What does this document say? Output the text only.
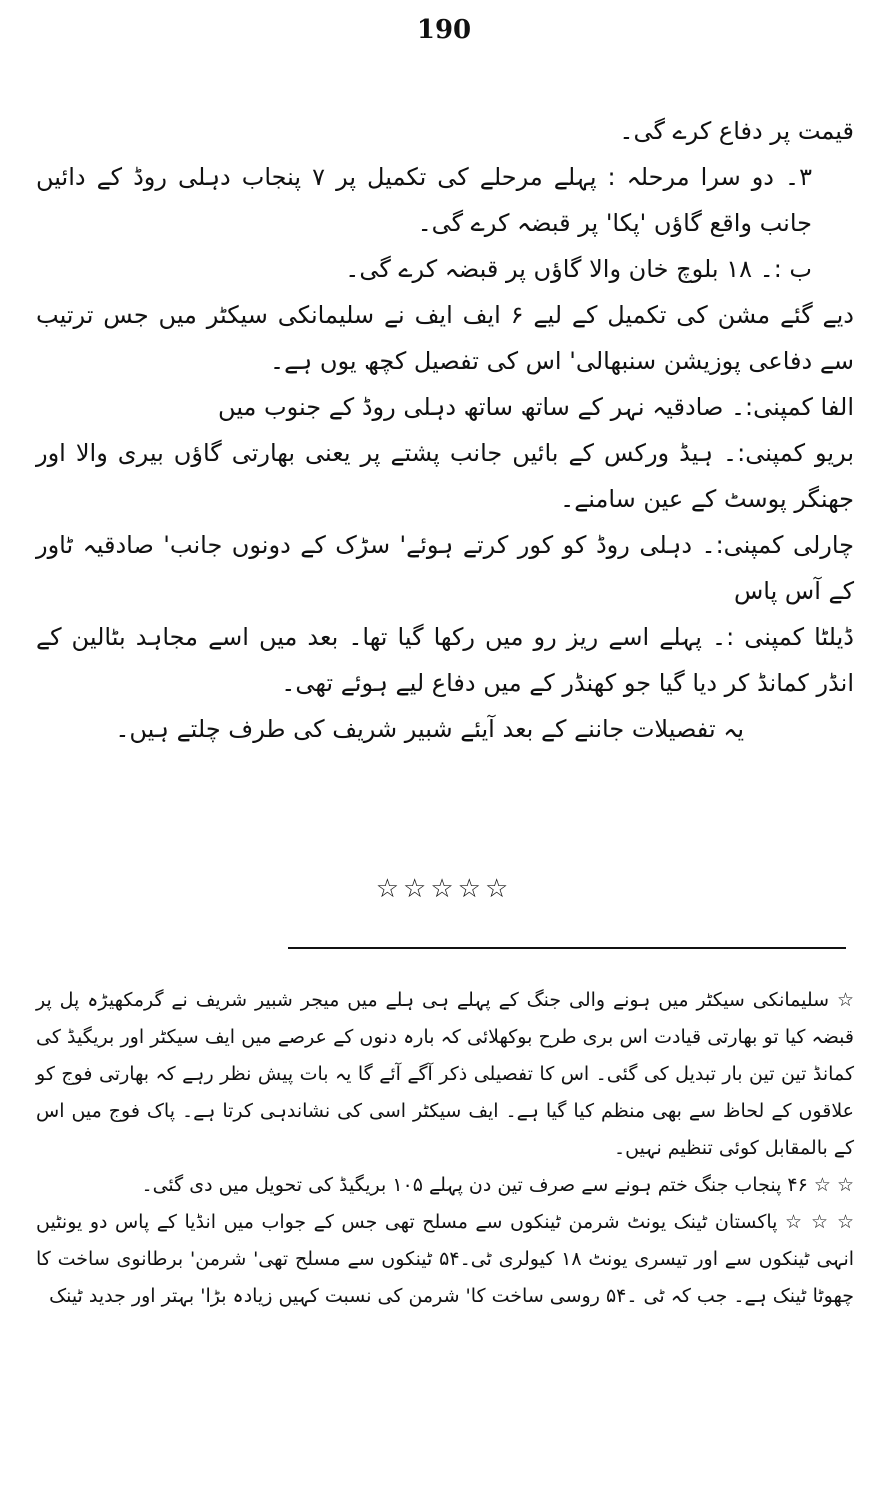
190

قیمت پر دفاع کرے گی۔

۳۔ دو سرا مرحلہ : پہلے مرحلے کی تکمیل پر ۷ پنجاب دہلی روڈ کے دائیں جانب واقع گاؤں 'پکا' پر قبضہ کرے گی۔

ب :۔ ۱۸ بلوچ خان والا گاؤں پر قبضہ کرے گی۔

دیے گئے مشن کی تکمیل کے لیے ۶ ایف ایف نے سلیمانکی سیکٹر میں جس ترتیب سے دفاعی پوزیشن سنبھالی' اس کی تفصیل کچھ یوں ہے۔

الفا کمپنی:۔ صادقیہ نہر کے ساتھ ساتھ دہلی روڈ کے جنوب میں

بریو کمپنی:۔ ہیڈ ورکس کے بائیں جانب پشتے پر یعنی بھارتی گاؤں بیری والا اور جھنگر پوسٹ کے عین سامنے۔

چارلی کمپنی:۔ دہلی روڈ کو کور کرتے ہوئے' سڑک کے دونوں جانب' صادقیہ ٹاور کے آس پاس

ڈیلٹا کمپنی :۔ پہلے اسے ریز رو میں رکھا گیا تھا۔ بعد میں اسے مجاہد بٹالین کے انڈر کمانڈ کر دیا گیا جو کھنڈر کے میں دفاع لیے ہوئے تھی۔

یہ تفصیلات جاننے کے بعد آیئے شبیر شریف کی طرف چلتے ہیں۔

☆☆☆☆☆

☆ سلیمانکی سیکٹر میں ہونے والی جنگ کے پہلے ہی ہلے میں میجر شبیر شریف نے گرمکھیڑہ پل پر قبضہ کیا تو بھارتی قیادت اس بری طرح بوکھلائی کہ بارہ دنوں کے عرصے میں ایف سیکٹر اور بریگیڈ کی کمانڈ تین تین بار تبدیل کی گئی۔ اس کا تفصیلی ذکر آگے آئے گا یہ بات پیش نظر رہے کہ بھارتی فوج کو علاقوں کے لحاظ سے بھی منظم کیا گیا ہے۔ ایف سیکٹر اسی کی نشاندہی کرتا ہے۔ پاک فوج میں اس کے بالمقابل کوئی تنظیم نہیں۔

☆ ☆ ۴۶ پنجاب جنگ ختم ہونے سے صرف تین دن پہلے ۱۰۵ بریگیڈ کی تحویل میں دی گئی۔

☆ ☆ ☆ پاکستان ٹینک یونٹ شرمن ٹینکوں سے مسلح تھی جس کے جواب میں انڈیا کے پاس دو یونٹیں انہی ٹینکوں سے اور تیسری یونٹ ۱۸ کیولری ٹی۔۵۴ ٹینکوں سے مسلح تھی' شرمن' برطانوی ساخت کا چھوٹا ٹینک ہے۔ جب کہ ٹی ۔۵۴ روسی ساخت کا' شرمن کی نسبت کہیں زیادہ بڑا' بہتر اور جدید ٹینک
